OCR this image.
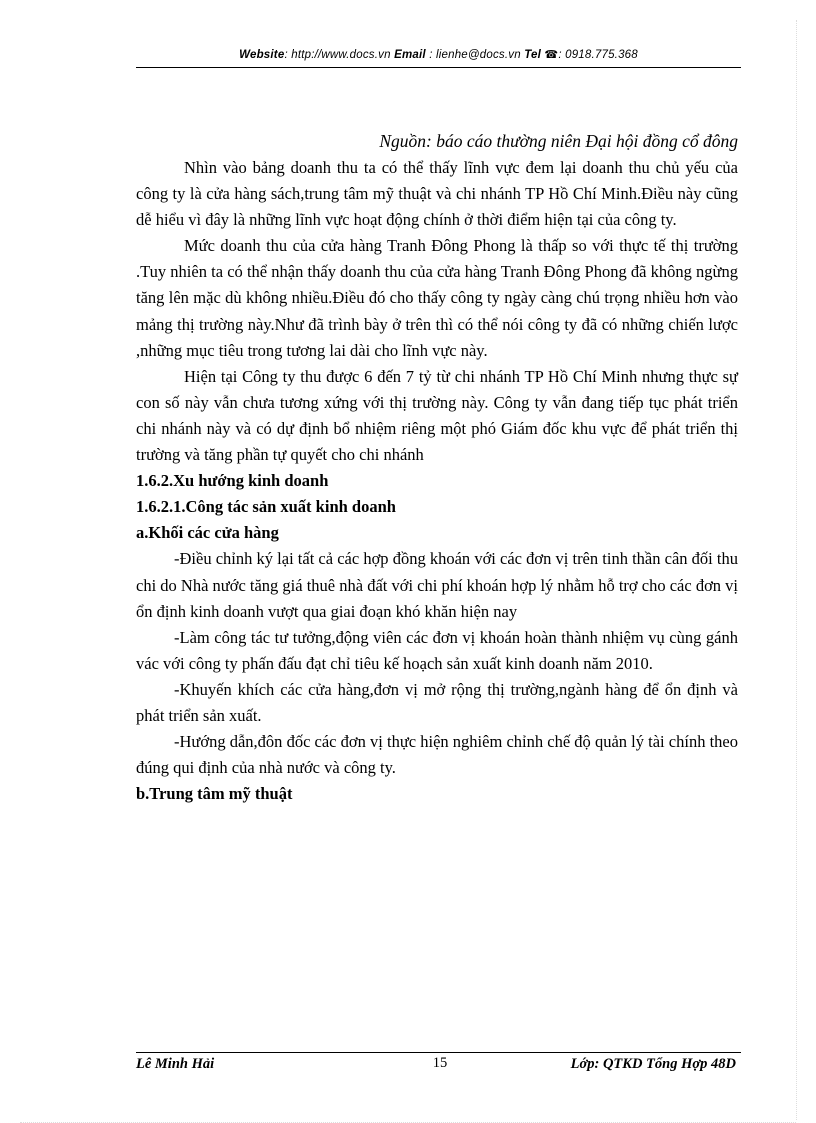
Website: http://www.docs.vn Email : lienhe@docs.vn Tel ☎: 0918.775.368
Nguồn: báo cáo thường niên Đại hội đồng cổ đông

Nhìn vào bảng doanh thu ta có thể thấy lĩnh vực đem lại doanh thu chủ yếu của công ty là cửa hàng sách,trung tâm mỹ thuật và chi nhánh TP Hồ Chí Minh.Điều này cũng dễ hiểu vì đây là những lĩnh vực hoạt động chính ở thời điểm hiện tại của công ty.

Mức doanh thu của cửa hàng Tranh Đông Phong là thấp so với thực tế thị trường .Tuy nhiên ta có thể nhận thấy doanh thu của cửa hàng Tranh Đông Phong đã không ngừng tăng lên mặc dù không nhiều.Điều đó cho thấy công ty ngày càng chú trọng nhiều hơn vào mảng thị trường này.Như đã trình bày ở trên thì có thể nói công ty đã có những chiến lược ,những mục tiêu trong tương lai dài cho lĩnh vực này.

Hiện tại Công ty thu được 6 đến 7 tỷ từ chi nhánh TP Hồ Chí Minh nhưng thực sự con số này vẫn chưa tương xứng với thị trường này. Công ty vẫn đang tiếp tục phát triển chi nhánh này và có dự định bổ nhiệm riêng một phó Giám đốc khu vực để phát triển thị trường và tăng phần tự quyết cho chi nhánh

1.6.2.Xu hướng kinh doanh

1.6.2.1.Công tác sản xuất kinh doanh

a.Khối các cửa hàng

-Điều chỉnh ký lại tất cả các hợp đồng khoán với các đơn vị trên tinh thần cân đối thu chi do Nhà nước tăng giá thuê nhà đất với chi phí khoán hợp lý nhằm hỗ trợ cho các đơn vị ổn định kinh doanh vượt qua giai đoạn khó khăn hiện nay

-Làm công tác tư tưởng,động viên các đơn vị khoán hoàn thành nhiệm vụ cùng gánh vác với công ty phấn đấu đạt chỉ tiêu kế hoạch sản xuất kinh doanh năm 2010.

-Khuyến khích các cửa hàng,đơn vị mở rộng thị trường,ngành hàng để ổn định và phát triển sản xuất.

-Hướng dẫn,đôn đốc các đơn vị thực hiện nghiêm chỉnh chế độ quản lý tài chính theo đúng qui định của nhà nước và công ty.

b.Trung tâm mỹ thuật

Lê Minh Hải	15	Lớp: QTKD Tổng Hợp 48D
